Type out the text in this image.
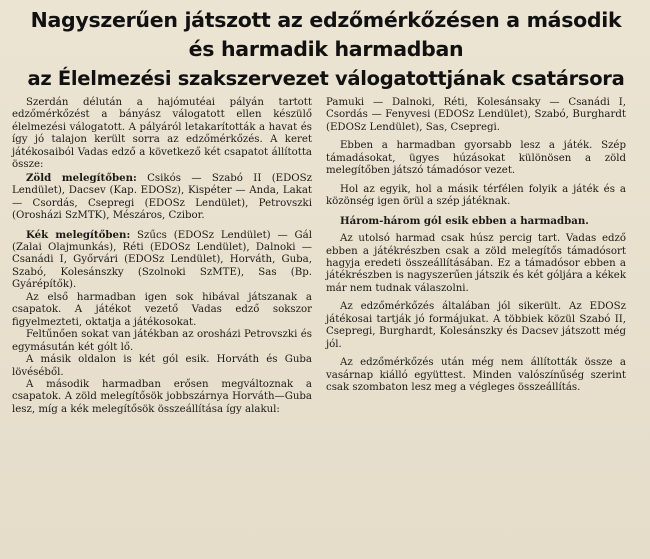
Nagyszerűen játszott az edzőmérkőzésen a második
és harmadik harmadban
az Élelmezési szakszervezet válogatottjának csatársora

Szerdán délután a hajómutéai pályán tartott edzőmérkőzést a bányász válogatott ellen készülő élelmezési válogatott. A pályáról letakarították a havat és így jó talajon került sorra az edzőmérkőzés. A keret játékosaiból Vadas edző a következő két csapatot állította össze:

Zöld melegítőben: Csikós — Szabó II (EDOSz Lendület), Dacsev (Kap. EDOSz), Kispéter — Anda, Lakat — Csordás, Csepregi (EDOSz Lendület), Petrovszki (Orosházi SzMTK), Mészáros, Czibor.

Kék melegítőben: Szűcs (EDOSz Lendület) — Gál (Zalai Olajmunkás), Réti (EDOSz Lendület), Dalnoki — Csanádi I, Győrvári (EDOSz Lendület), Horváth, Guba, Szabó, Kolesánszky (Szolnoki SzMTE), Sas (Bp. Gyárépítők).

Az első harmadban igen sok hibával játszanak a csapatok. A játékot vezető Vadas edző sokszor figyelmezteti, oktatja a játékosokat.

Feltűnően sokat van játékban az orosházi Petrovszki és egymásután két gólt lő.

A másik oldalon is két gól esik. Horváth és Guba lövéséből.

A második harmadban erősen megváltoznak a csapatok. A zöld melegítősök jobbszárnya Horváth—Guba lesz, míg a kék melegítősök összeállítása így alakul:

Pamuki — Dalnoki, Réti, Kolesánsaky — Csanádi I, Csordás — Fenyvesi (EDOSz Lendület), Szabó, Burghardt (EDOSz Lendület), Sas, Csepregi.

Ebben a harmadban gyorsabb lesz a játék. Szép támadásokat, ügyes húzásokat különösen a zöld melegítőben játszó támadósor vezet.

Hol az egyik, hol a másik térfélen folyik a játék és a közönség igen örül a szép játéknak.

Három-három gól esik ebben a harmadban.

Az utolsó harmad csak húsz percig tart. Vadas edző ebben a játékrészben csak a zöld melegítős támadósort hagyja eredeti összeállításában. Ez a támadósor ebben a játékrészben is nagyszerűen játszik és két góljára a kékek már nem tudnak válaszolni.

Az edzőmérkőzés általában jól sikerült. Az EDOSz játékosai tartják jó formájukat. A többiek közül Szabó II, Csepregi, Burghardt, Kolesánszky és Dacsev játszott még jól.

Az edzőmérkőzés után még nem állították össze a vasárnap kiálló együttest. Minden valószínűség szerint csak szombaton lesz meg a végleges összeállítás.
